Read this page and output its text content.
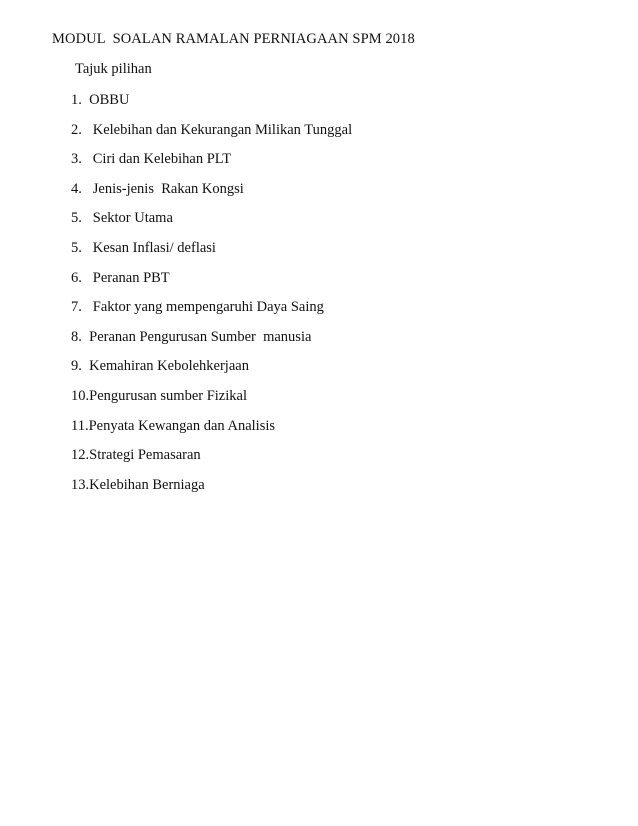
MODUL  SOALAN RAMALAN PERNIAGAAN SPM 2018
Tajuk pilihan
1.  OBBU
2.   Kelebihan dan Kekurangan Milikan Tunggal
3.   Ciri dan Kelebihan PLT
4.   Jenis-jenis  Rakan Kongsi
5.   Sektor Utama
5.   Kesan Inflasi/ deflasi
6.   Peranan PBT
7.   Faktor yang mempengaruhi Daya Saing
8.  Peranan Pengurusan Sumber  manusia
9.  Kemahiran Kebolehkerjaan
10.Pengurusan sumber Fizikal
11.Penyata Kewangan dan Analisis
12.Strategi Pemasaran
13.Kelebihan Berniaga
